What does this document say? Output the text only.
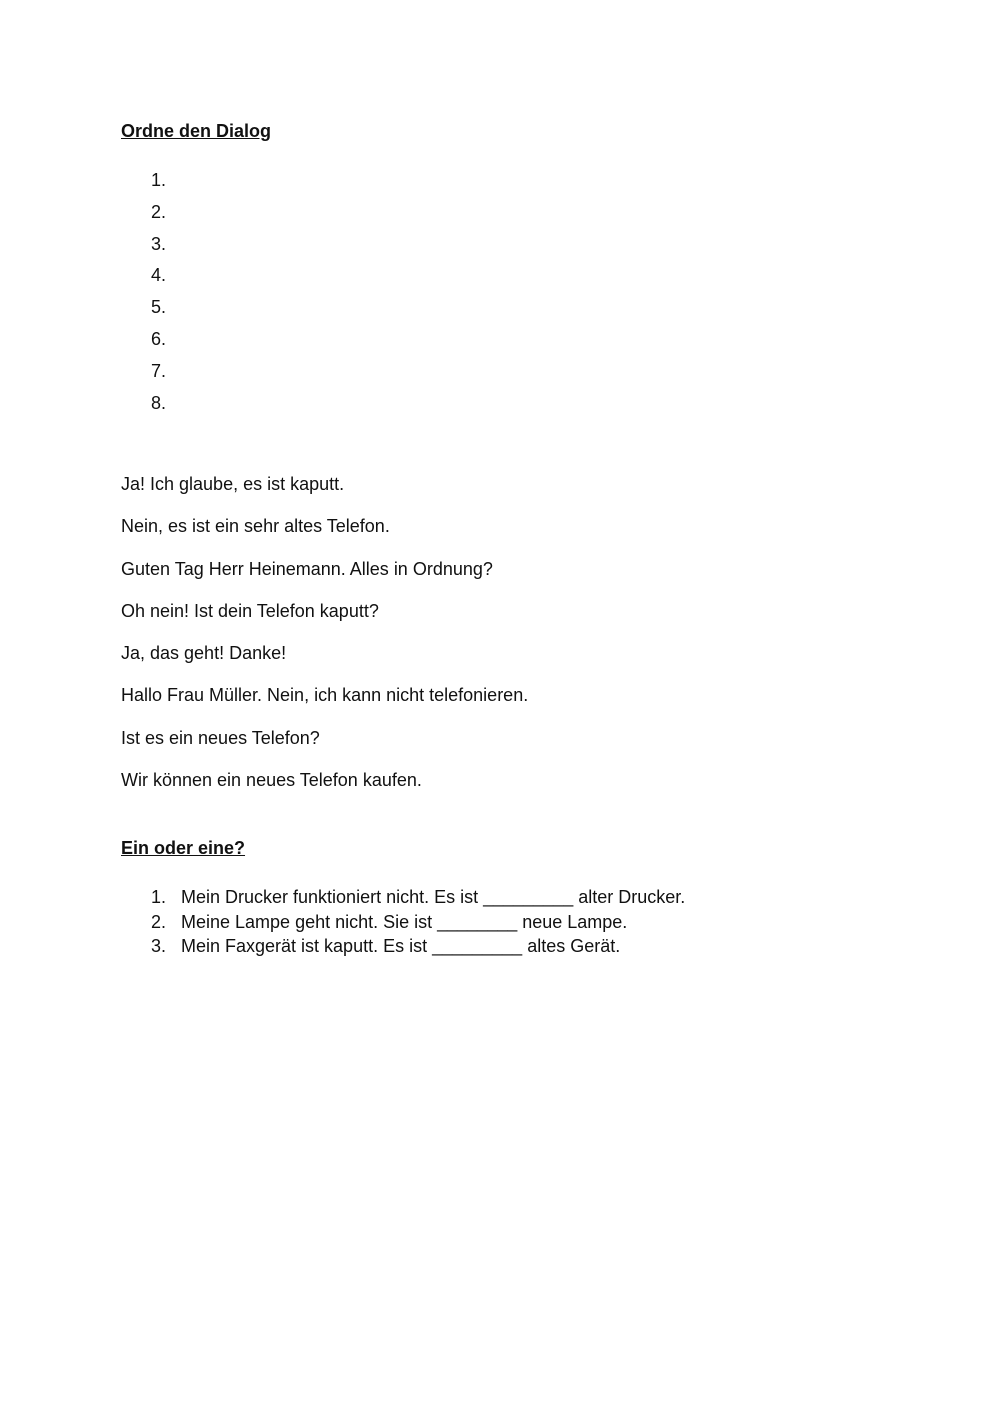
Ordne den Dialog
1.
2.
3.
4.
5.
6.
7.
8.
Ja! Ich glaube, es ist kaputt.
Nein, es ist ein sehr altes Telefon.
Guten Tag Herr Heinemann. Alles in Ordnung?
Oh nein! Ist dein Telefon kaputt?
Ja, das geht! Danke!
Hallo Frau Müller. Nein, ich kann nicht telefonieren.
Ist es ein neues Telefon?
Wir können ein neues Telefon kaufen.
Ein oder eine?
1. Mein Drucker funktioniert nicht. Es ist _________ alter Drucker.
2. Meine Lampe geht nicht. Sie ist ________ neue Lampe.
3. Mein Faxgerät ist kaputt. Es ist _________ altes Gerät.
